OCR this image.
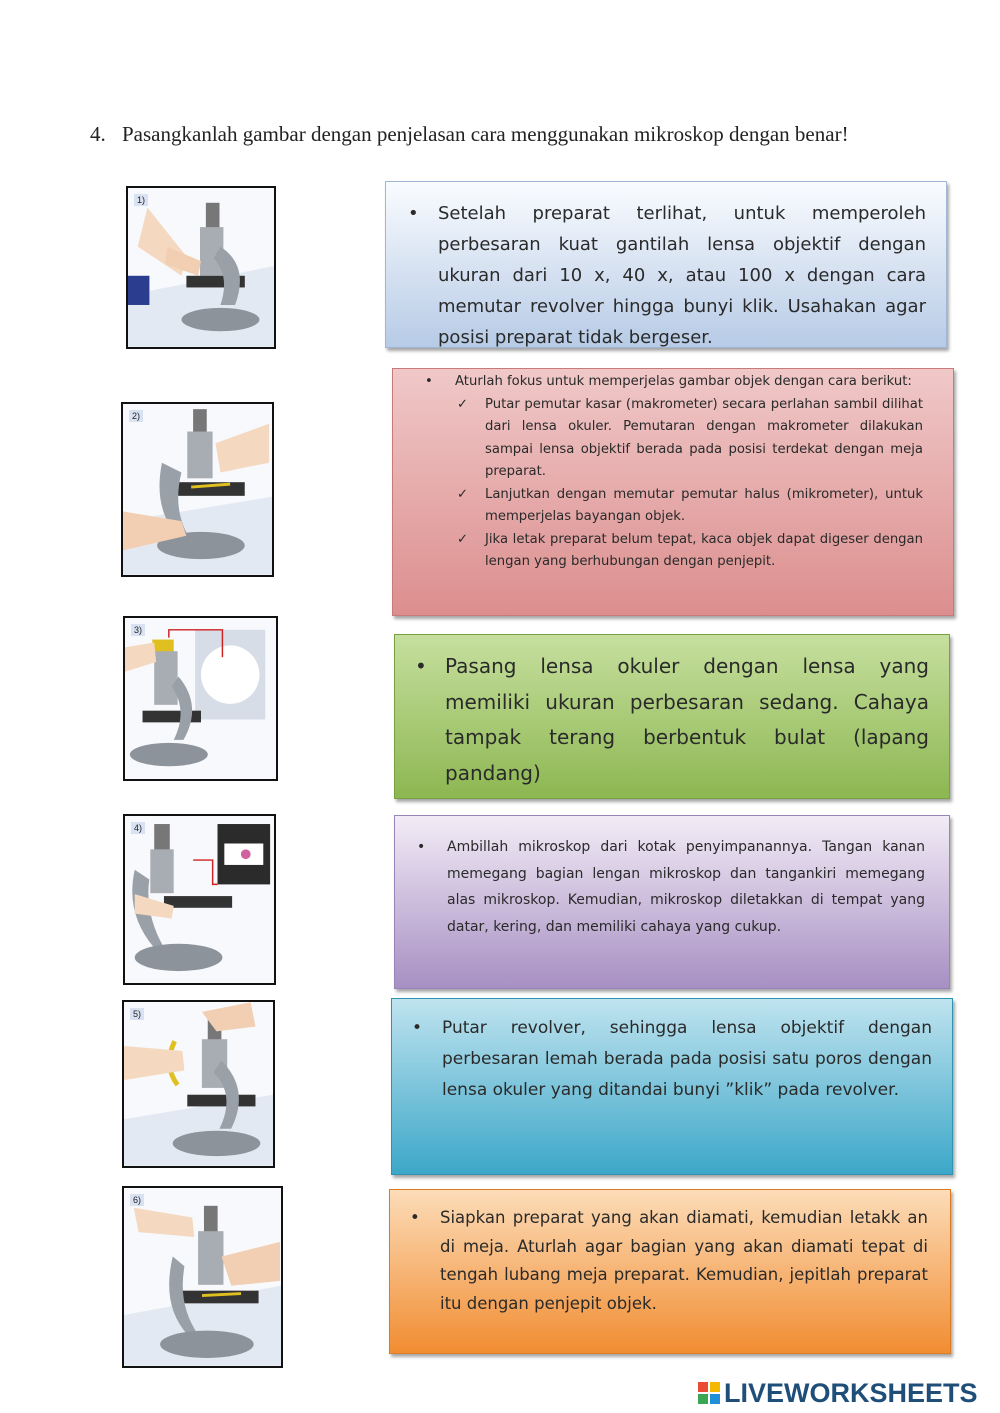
4. Pasangkanlah gambar dengan penjelasan cara menggunakan mikroskop dengan benar!
1)
2)
3)
4)
5)
6)
• Setelah preparat terlihat, untuk memperoleh perbesaran kuat gantilah lensa objektif dengan ukuran dari 10 x, 40 x, atau 100 x dengan cara memutar revolver hingga bunyi klik. Usahakan agar posisi preparat tidak bergeser.
• Aturlah fokus untuk memperjelas gambar objek dengan cara berikut:
✓ Putar pemutar kasar (makrometer) secara perlahan sambil dilihat dari lensa okuler. Pemutaran dengan makrometer dilakukan sampai lensa objektif berada pada posisi terdekat dengan meja preparat.
✓ Lanjutkan dengan memutar pemutar halus (mikrometer), untuk memperjelas bayangan objek.
✓ Jika letak preparat belum tepat, kaca objek dapat digeser dengan lengan yang berhubungan dengan penjepit.
• Pasang lensa okuler dengan lensa yang memiliki ukuran perbesaran sedang. Cahaya tampak terang berbentuk bulat (lapang pandang)
• Ambillah mikroskop dari kotak penyimpanannya. Tangan kanan memegang bagian lengan mikroskop dan tangankiri memegang alas mikroskop. Kemudian, mikroskop diletakkan di tempat yang datar, kering, dan memiliki cahaya yang cukup.
• Putar revolver, sehingga lensa objektif dengan perbesaran lemah berada pada posisi satu poros dengan lensa okuler yang ditandai bunyi ”klik” pada revolver.
• Siapkan preparat yang akan diamati, kemudian letakk an di meja. Aturlah agar bagian yang akan diamati tepat di tengah lubang meja preparat. Kemudian, jepitlah preparat itu dengan penjepit objek.
LIVEWORKSHEETS
